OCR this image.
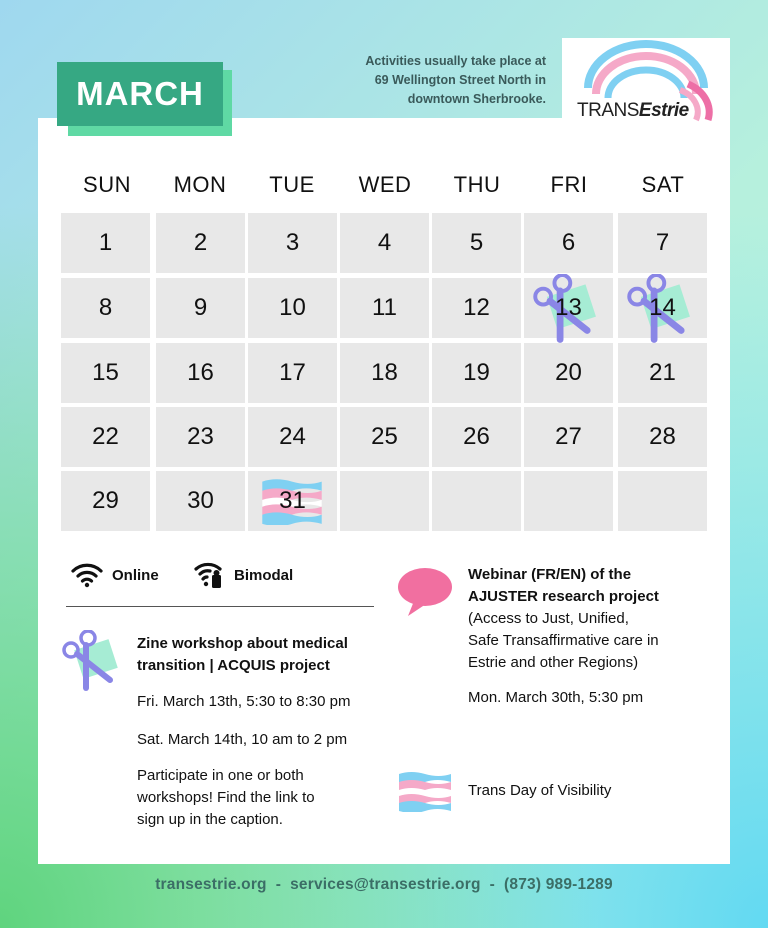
TRANSEstrie
Activities usually take place at
69 Wellington Street North in
downtown Sherbrooke.
MARCH
SUN	MON	TUE	WED	THU	FRI	SAT
1	2	3	4	5	6	7
8	9	10	11	12	13	14
15	16	17	18	19	20	21
22	23	24	25	26	27	28
29	30	31
Online	Bimodal
Zine workshop about medical
transition | ACQUIS project
Fri. March 13th, 5:30 to 8:30 pm
Sat. March 14th, 10 am to 2 pm
Participate in one or both
workshops! Find the link to
sign up in the caption.
Webinar (FR/EN) of the
AJUSTER research project
(Access to Just, Unified,
Safe Transaffirmative care in
Estrie and other Regions)
Mon. March 30th, 5:30 pm
Trans Day of Visibility
transestrie.org  -  services@transestrie.org  -  (873) 989-1289
